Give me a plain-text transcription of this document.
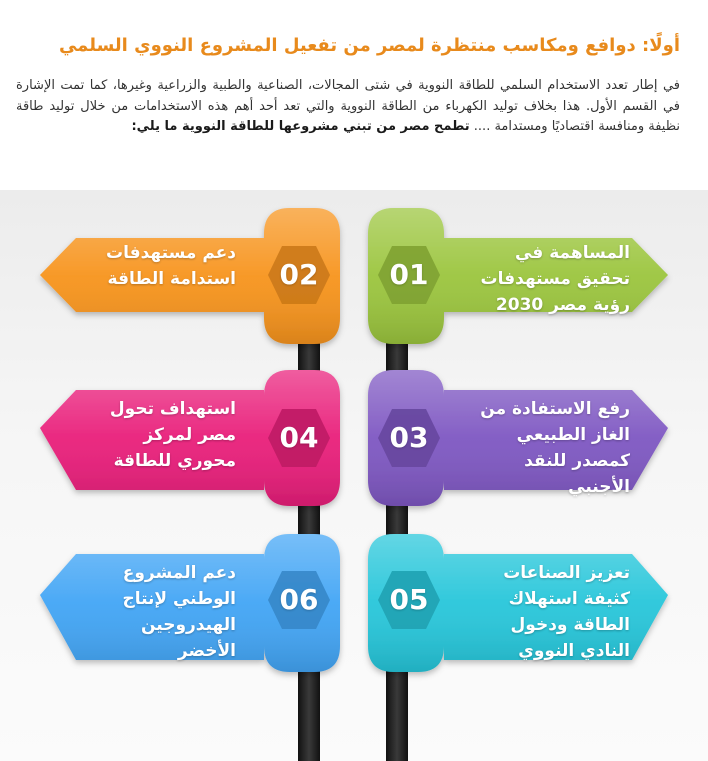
أولًا: دوافع ومكاسب منتظرة لمصر من تفعيل المشروع النووي السلمي
في إطار تعدد الاستخدام السلمي للطاقة النووية في شتى المجالات، الصناعية والطبية والزراعية وغيرها، كما تمت الإشارة في القسم الأول. هذا بخلاف توليد الكهرباء من الطاقة النووية والتي تعد أحد أهم هذه الاستخدامات من خلال توليد طاقة نظيفة ومنافسة اقتصاديًا ومستدامة .... تطمح مصر من تبني مشروعها للطاقة النووية ما يلي:
01
02
03
04
05
06
المساهمة في تحقيق مستهدفات رؤية مصر 2030
دعم مستهدفات استدامة الطاقة
رفع الاستفادة من الغاز الطبيعي كمصدر للنقد الأجنبي
استهداف تحول مصر لمركز محوري للطاقة
تعزيز الصناعات كثيفة استهلاك الطاقة ودخول النادي النووي
دعم المشروع الوطني لإنتاج الهيدروجين الأخضر
